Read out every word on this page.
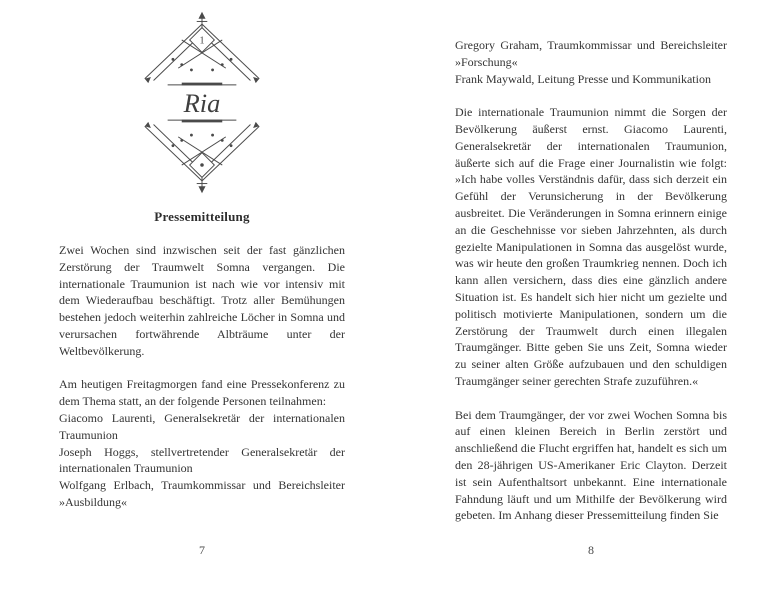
1
Ria
Pressemitteilung
Zwei Wochen sind inzwischen seit der fast gänzlichen Zerstörung der Traumwelt Somna vergangen. Die internationale Traumunion ist nach wie vor intensiv mit dem Wiederaufbau beschäftigt. Trotz aller Bemühungen bestehen jedoch weiterhin zahlreiche Löcher in Somna und verursachen fortwährende Albträume unter der Weltbevölkerung.
Am heutigen Freitagmorgen fand eine Pressekonferenz zu dem Thema statt, an der folgende Personen teilnahmen:
Giacomo Laurenti, Generalsekretär der internationalen Traumunion
Joseph Hoggs, stellvertretender Generalsekretär der internationalen Traumunion
Wolfgang Erlbach, Traumkommissar und Bereichsleiter »Ausbildung«
7
Gregory Graham, Traumkommissar und Bereichsleiter »Forschung«
Frank Maywald, Leitung Presse und Kommunikation
Die internationale Traumunion nimmt die Sorgen der Bevölkerung äußerst ernst. Giacomo Laurenti, Generalsekretär der internationalen Traumunion, äußerte sich auf die Frage einer Journalistin wie folgt: »Ich habe volles Verständnis dafür, dass sich derzeit ein Gefühl der Verunsicherung in der Bevölkerung ausbreitet. Die Veränderungen in Somna erinnern einige an die Geschehnisse vor sieben Jahrzehnten, als durch gezielte Manipulationen in Somna das ausgelöst wurde, was wir heute den großen Traumkrieg nennen. Doch ich kann allen versichern, dass dies eine gänzlich andere Situation ist. Es handelt sich hier nicht um gezielte und politisch motivierte Manipulationen, sondern um die Zerstörung der Traumwelt durch einen illegalen Traumgänger. Bitte geben Sie uns Zeit, Somna wieder zu seiner alten Größe aufzubauen und den schuldigen Traumgänger seiner gerechten Strafe zuzuführen.«
Bei dem Traumgänger, der vor zwei Wochen Somna bis auf einen kleinen Bereich in Berlin zerstört und anschließend die Flucht ergriffen hat, handelt es sich um den 28-jährigen US-Amerikaner Eric Clayton. Derzeit ist sein Aufenthaltsort unbekannt. Eine internationale Fahndung läuft und um Mithilfe der Bevölkerung wird gebeten. Im Anhang dieser Pressemitteilung finden Sie
8
